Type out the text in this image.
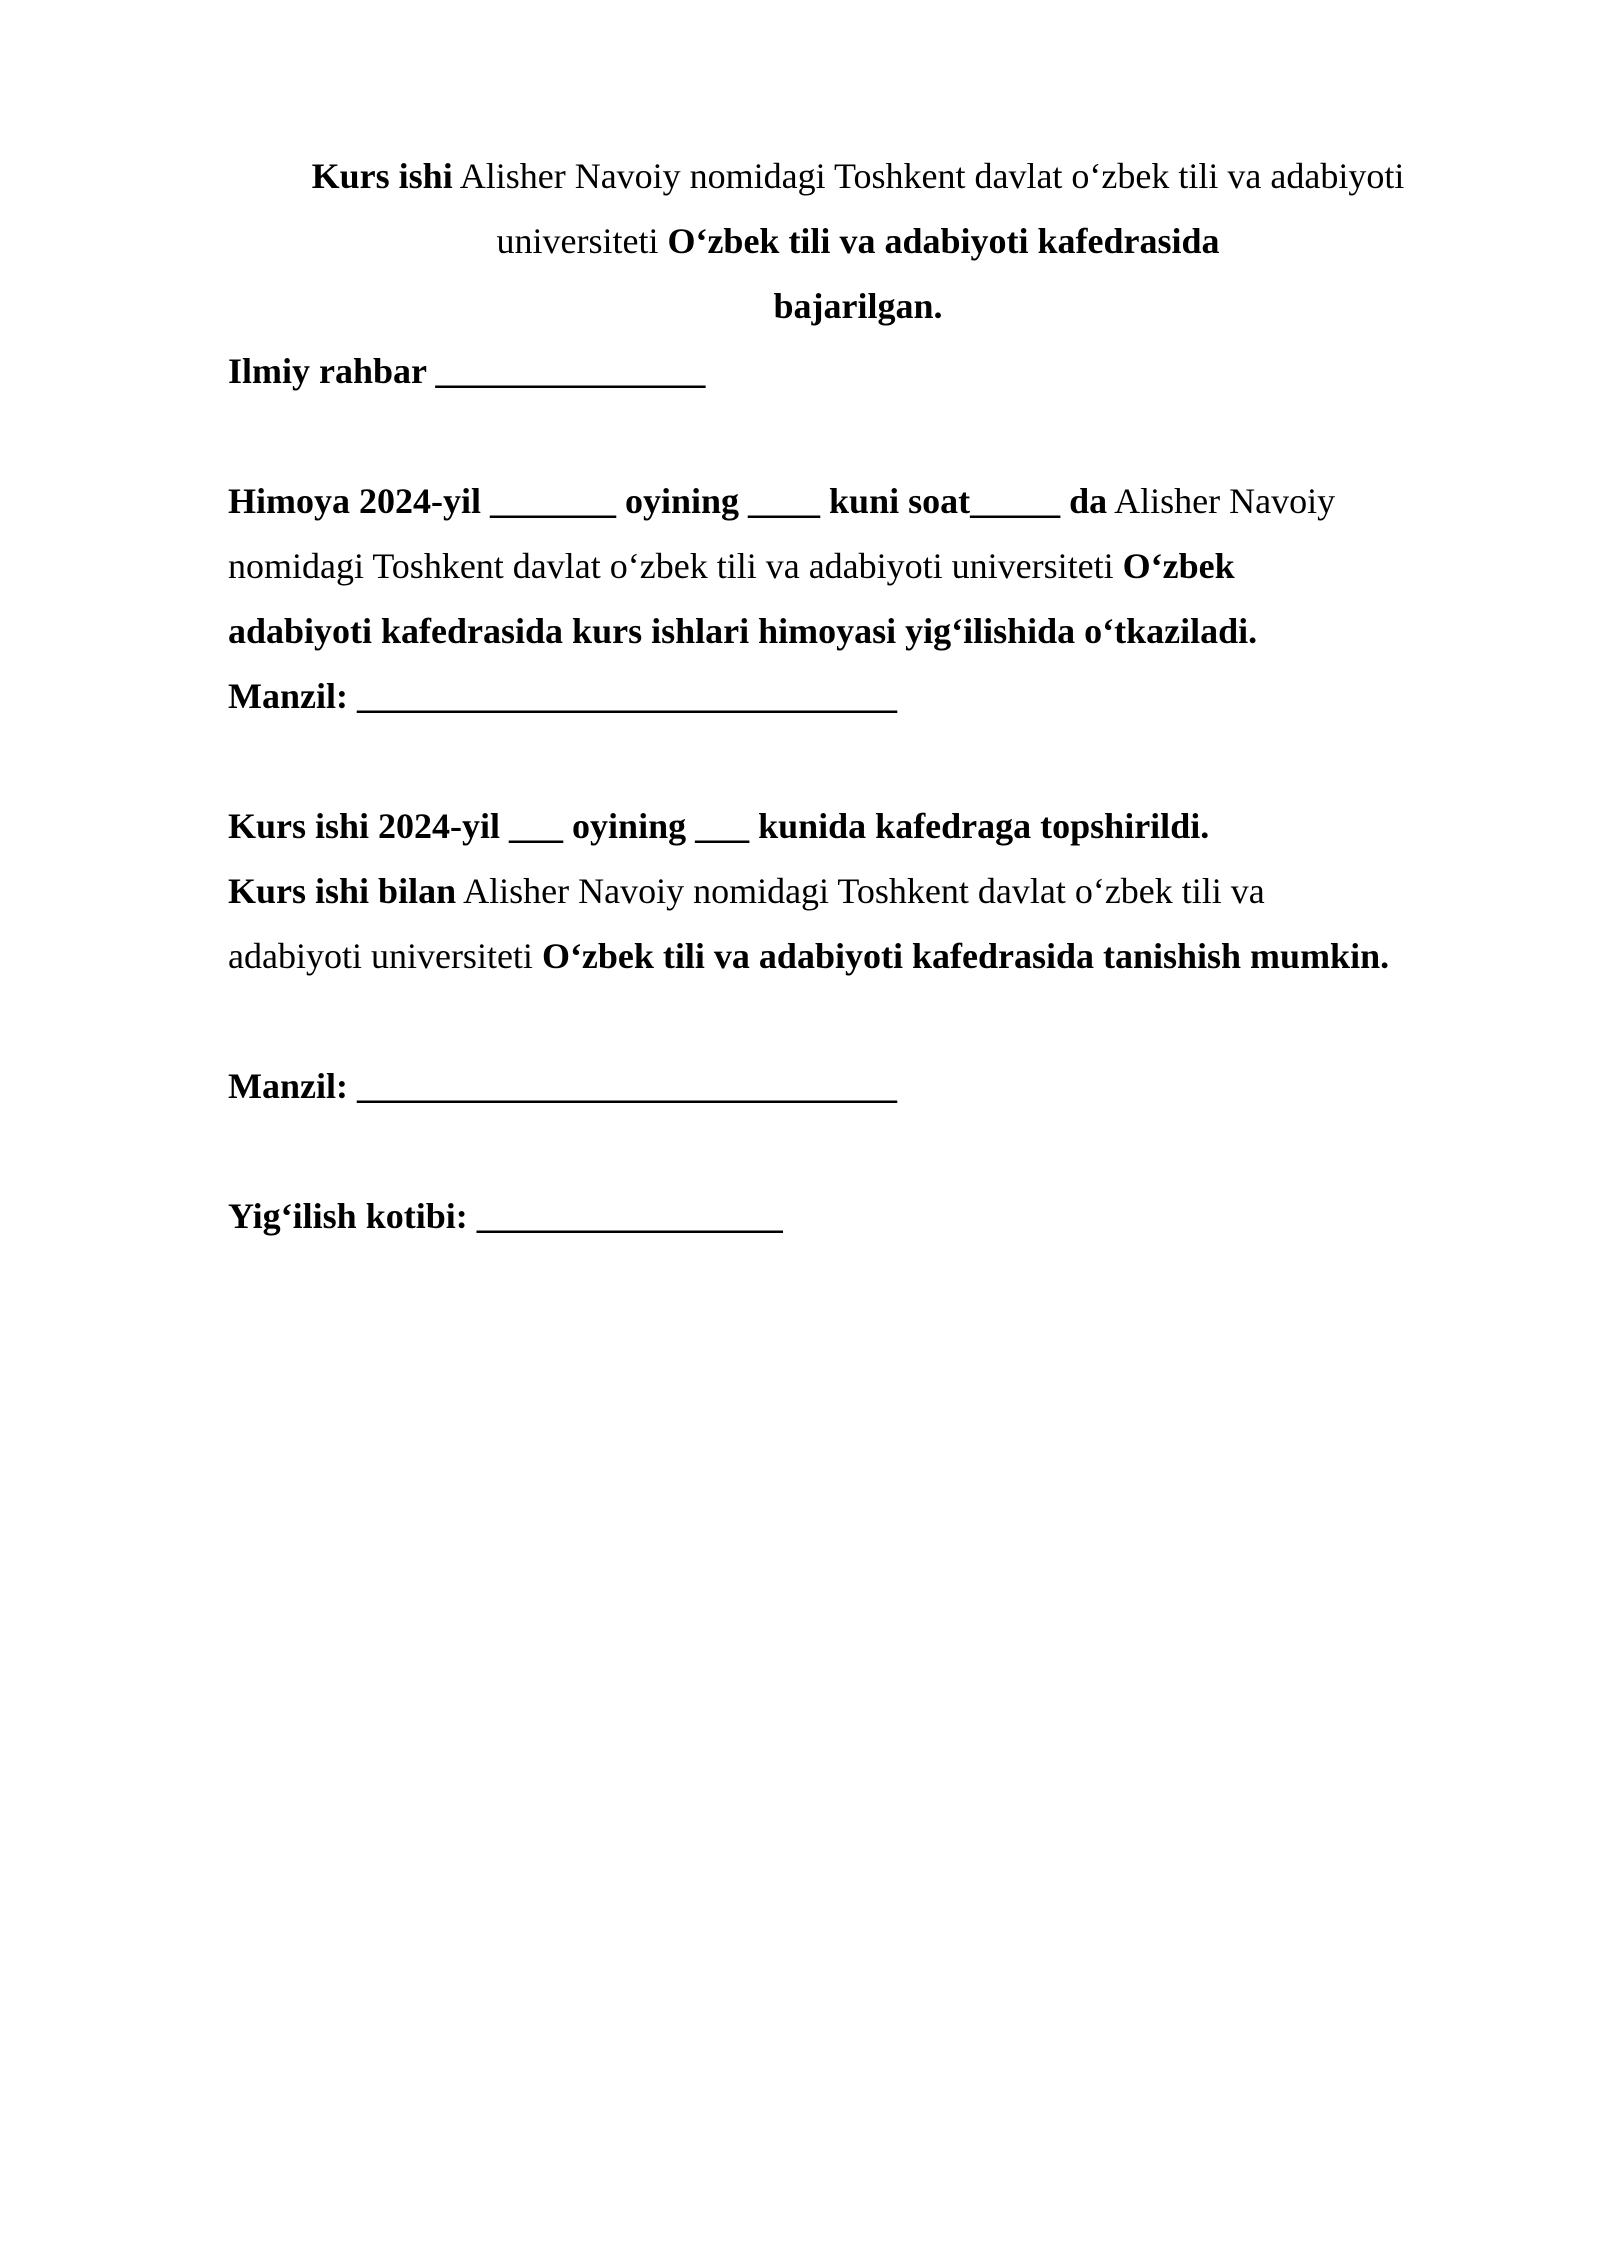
Kurs ishi Alisher Navoiy nomidagi Toshkent davlat o‘zbek tili va adabiyoti
universiteti O‘zbek tili va adabiyoti kafedrasida
bajarilgan.
Ilmiy rahbar _______________
Himoya 2024-yil _______ oyining ____ kuni soat_____ da Alisher Navoiy
nomidagi Toshkent davlat o‘zbek tili va adabiyoti universiteti O‘zbek
adabiyoti kafedrasida kurs ishlari himoyasi yig‘ilishida o‘tkaziladi.
Manzil: ______________________________
Kurs ishi 2024-yil ___ oyining ___ kunida kafedraga topshirildi.
Kurs ishi bilan Alisher Navoiy nomidagi Toshkent davlat o‘zbek tili va
adabiyoti universiteti O‘zbek tili va adabiyoti kafedrasida tanishish mumkin.
Manzil: ______________________________
Yig‘ilish kotibi: _________________
